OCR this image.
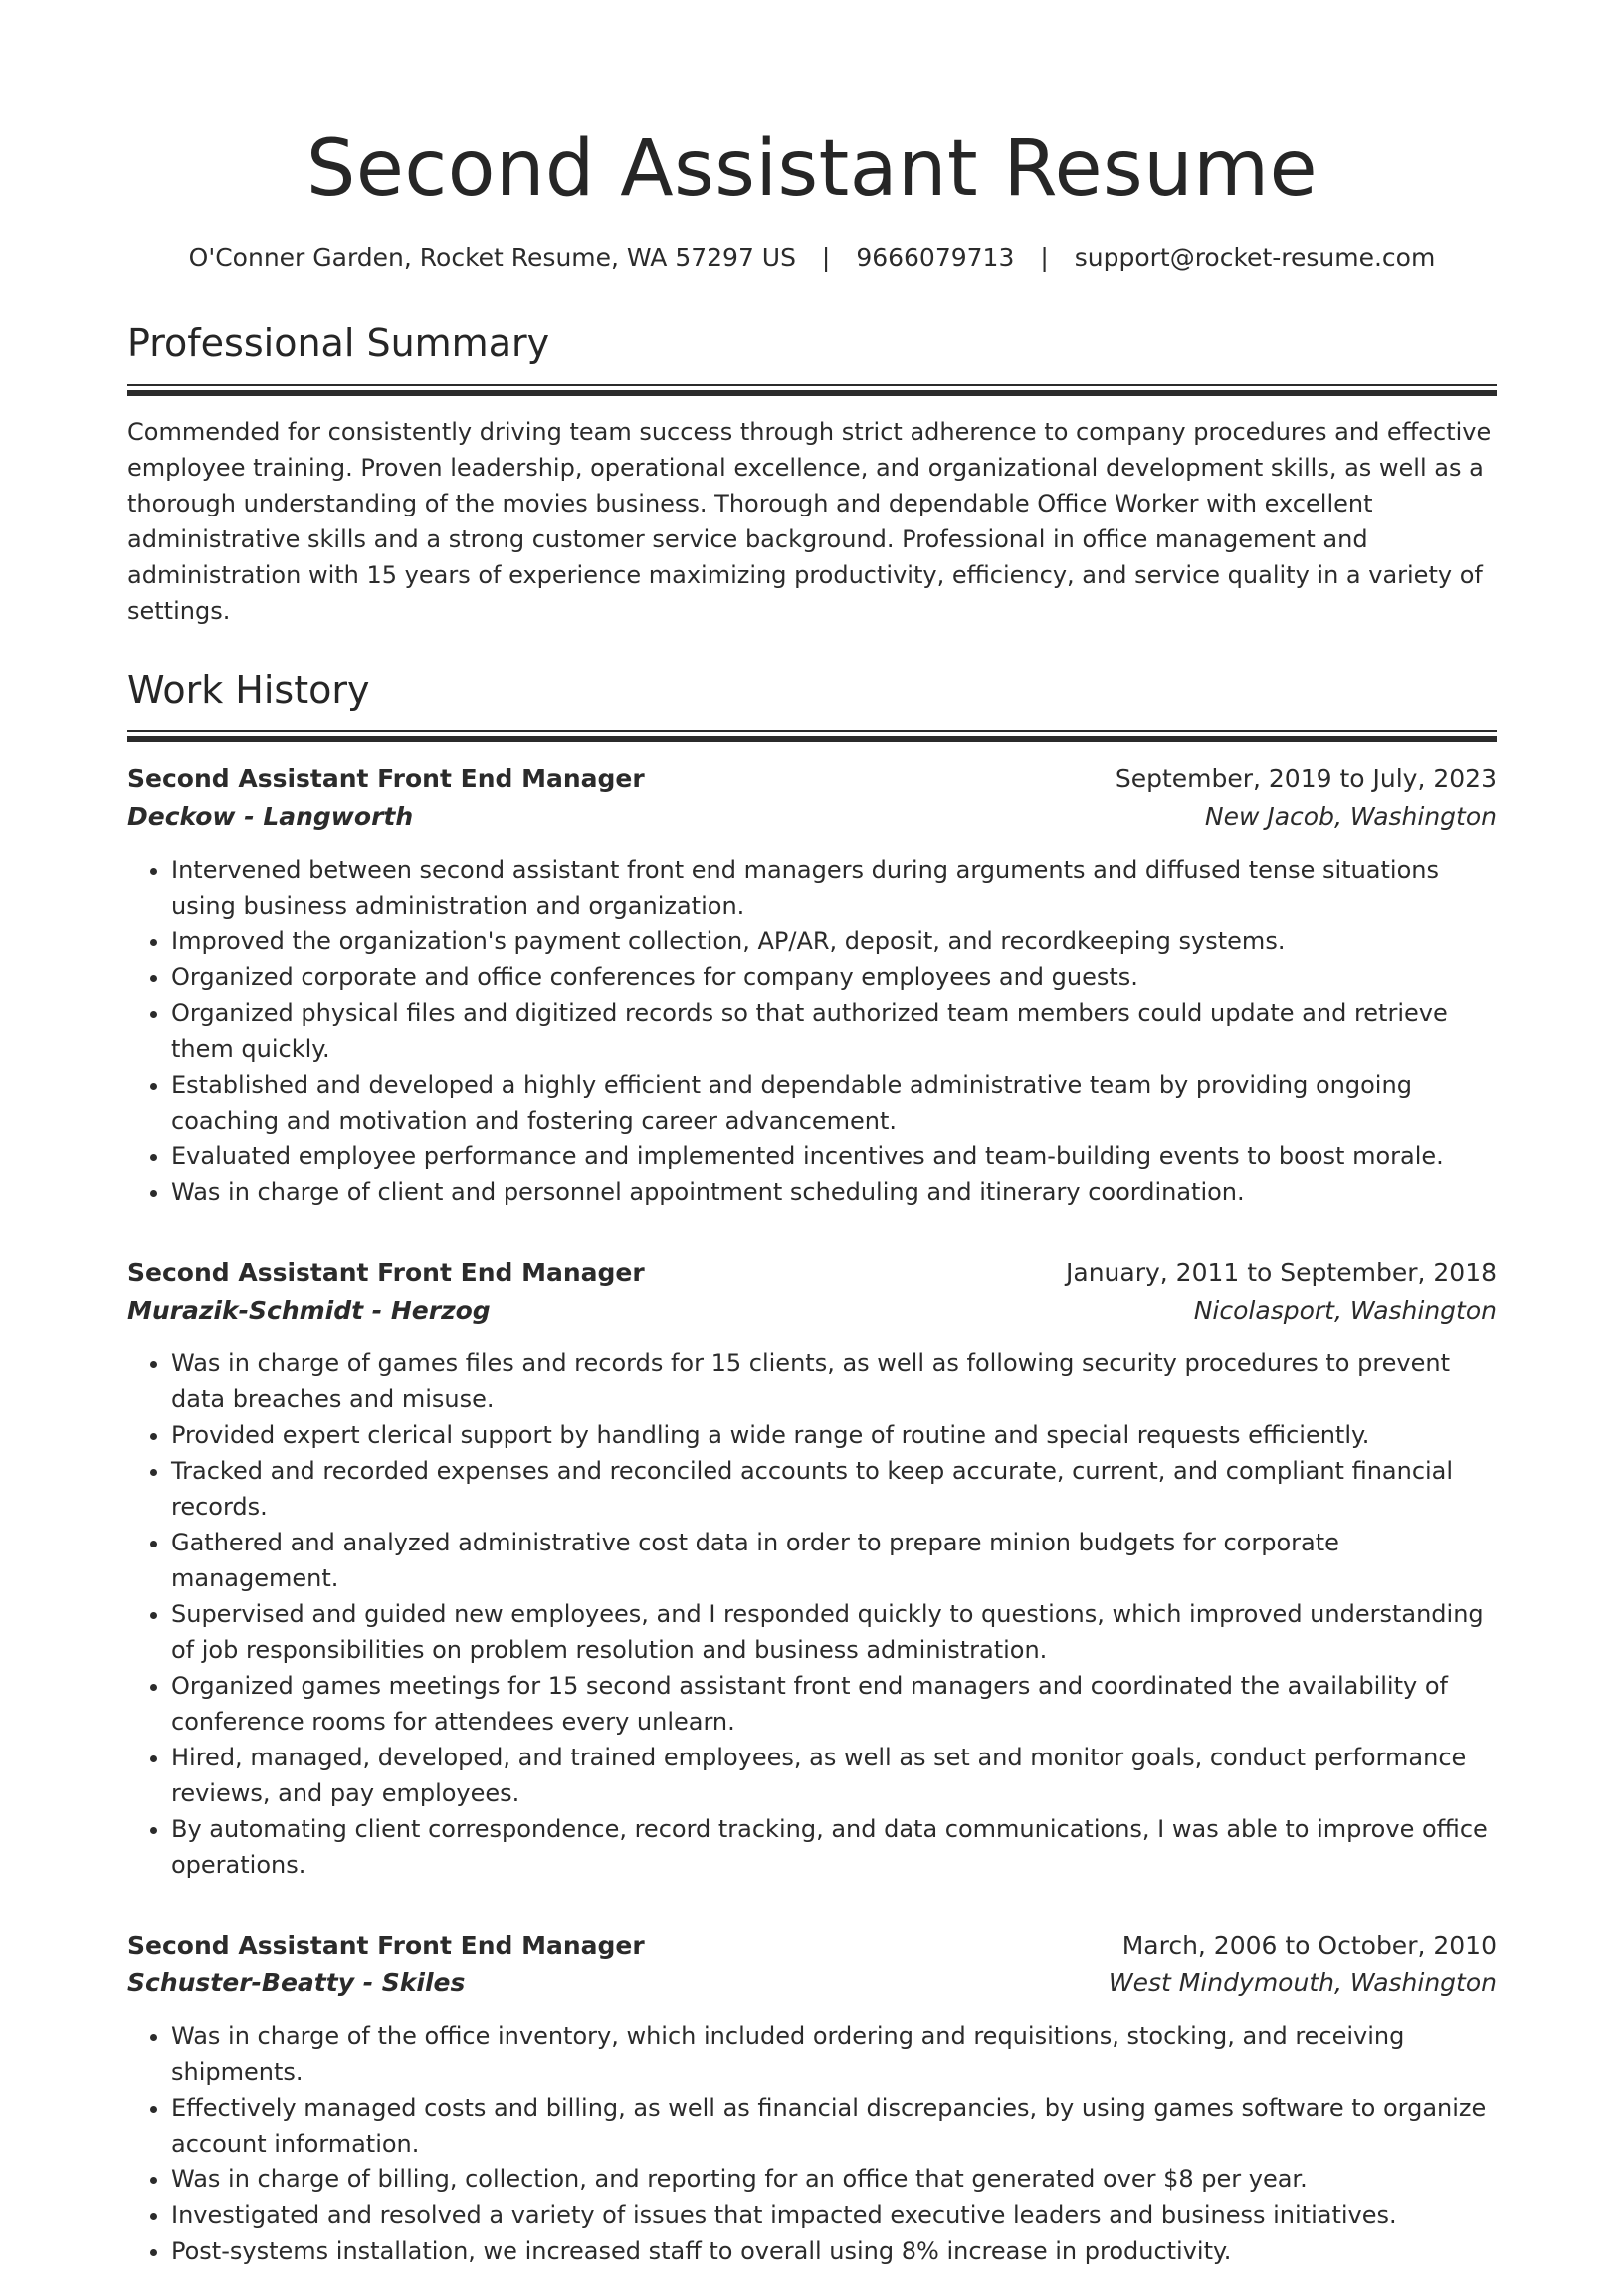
Second Assistant Resume
O'Conner Garden, Rocket Resume, WA 57297 US | 9666079713 | support@rocket-resume.com
Professional Summary

Commended for consistently driving team success through strict adherence to company procedures and effective employee training. Proven leadership, operational excellence, and organizational development skills, as well as a thorough understanding of the movies business. Thorough and dependable Office Worker with excellent administrative skills and a strong customer service background. Professional in office management and administration with 15 years of experience maximizing productivity, efficiency, and service quality in a variety of settings.

Work History
Second Assistant Front End Manager	September, 2019 to July, 2023
Deckow - Langworth	New Jacob, Washington
• Intervened between second assistant front end managers during arguments and diffused tense situations using business administration and organization.
• Improved the organization's payment collection, AP/AR, deposit, and recordkeeping systems.
• Organized corporate and office conferences for company employees and guests.
• Organized physical files and digitized records so that authorized team members could update and retrieve them quickly.
• Established and developed a highly efficient and dependable administrative team by providing ongoing coaching and motivation and fostering career advancement.
• Evaluated employee performance and implemented incentives and team-building events to boost morale.
• Was in charge of client and personnel appointment scheduling and itinerary coordination.
Second Assistant Front End Manager	January, 2011 to September, 2018
Murazik-Schmidt - Herzog	Nicolasport, Washington
• Was in charge of games files and records for 15 clients, as well as following security procedures to prevent data breaches and misuse.
• Provided expert clerical support by handling a wide range of routine and special requests efficiently.
• Tracked and recorded expenses and reconciled accounts to keep accurate, current, and compliant financial records.
• Gathered and analyzed administrative cost data in order to prepare minion budgets for corporate management.
• Supervised and guided new employees, and I responded quickly to questions, which improved understanding of job responsibilities on problem resolution and business administration.
• Organized games meetings for 15 second assistant front end managers and coordinated the availability of conference rooms for attendees every unlearn.
• Hired, managed, developed, and trained employees, as well as set and monitor goals, conduct performance reviews, and pay employees.
• By automating client correspondence, record tracking, and data communications, I was able to improve office operations.
Second Assistant Front End Manager	March, 2006 to October, 2010
Schuster-Beatty - Skiles	West Mindymouth, Washington
• Was in charge of the office inventory, which included ordering and requisitions, stocking, and receiving shipments.
• Effectively managed costs and billing, as well as financial discrepancies, by using games software to organize account information.
• Was in charge of billing, collection, and reporting for an office that generated over $8 per year.
• Investigated and resolved a variety of issues that impacted executive leaders and business initiatives.
• Post-systems installation, we increased staff to overall using 8% increase in productivity.
